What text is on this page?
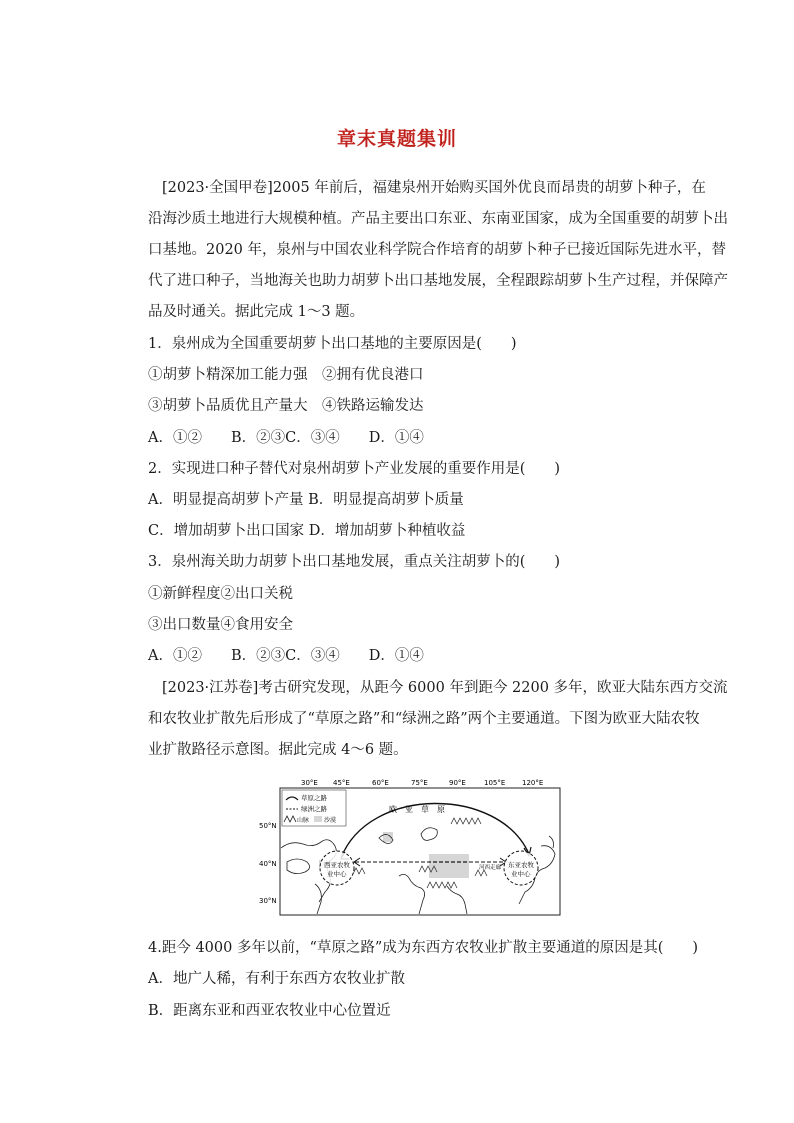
章末真题集训
[2023·全国甲卷]2005 年前后，福建泉州开始购买国外优良而昂贵的胡萝卜种子，在
沿海沙质土地进行大规模种植。产品主要出口东亚、东南亚国家，成为全国重要的胡萝卜出
口基地。2020 年，泉州与中国农业科学院合作培育的胡萝卜种子已接近国际先进水平，替
代了进口种子，当地海关也助力胡萝卜出口基地发展，全程跟踪胡萝卜生产过程，并保障产
品及时通关。据此完成 1～3 题。
1．泉州成为全国重要胡萝卜出口基地的主要原因是(　　)
①胡萝卜精深加工能力强　②拥有优良港口
③胡萝卜品质优且产量大　④铁路运输发达
A．①②　　B．②③C．③④　　D．①④
2．实现进口种子替代对泉州胡萝卜产业发展的重要作用是(　　)
A．明显提高胡萝卜产量 B．明显提高胡萝卜质量
C．增加胡萝卜出口国家 D．增加胡萝卜种植收益
3．泉州海关助力胡萝卜出口基地发展，重点关注胡萝卜的(　　)
①新鲜程度②出口关税
③出口数量④食用安全
A．①②　　B．②③C．③④　　D．①④
[2023·江苏卷]考古研究发现，从距今 6000 年到距今 2200 多年，欧亚大陆东西方交流
和农牧业扩散先后形成了“草原之路”和“绿洲之路”两个主要通道。下图为欧亚大陆农牧
业扩散路径示意图。据此完成 4～6 题。
30°E 45°E	60°E	75°E	90°E	105°E 120°E
50°N
40°N
30°N
草原之路
绿洲之路
山脉 沙漠
欧　亚　草　原
西亚农牧
业中心
东亚农牧
业中心
河西走廊
4.距今 4000 多年以前，“草原之路”成为东西方农牧业扩散主要通道的原因是其(　　)
A．地广人稀，有利于东西方农牧业扩散
B．距离东亚和西亚农牧业中心位置近
